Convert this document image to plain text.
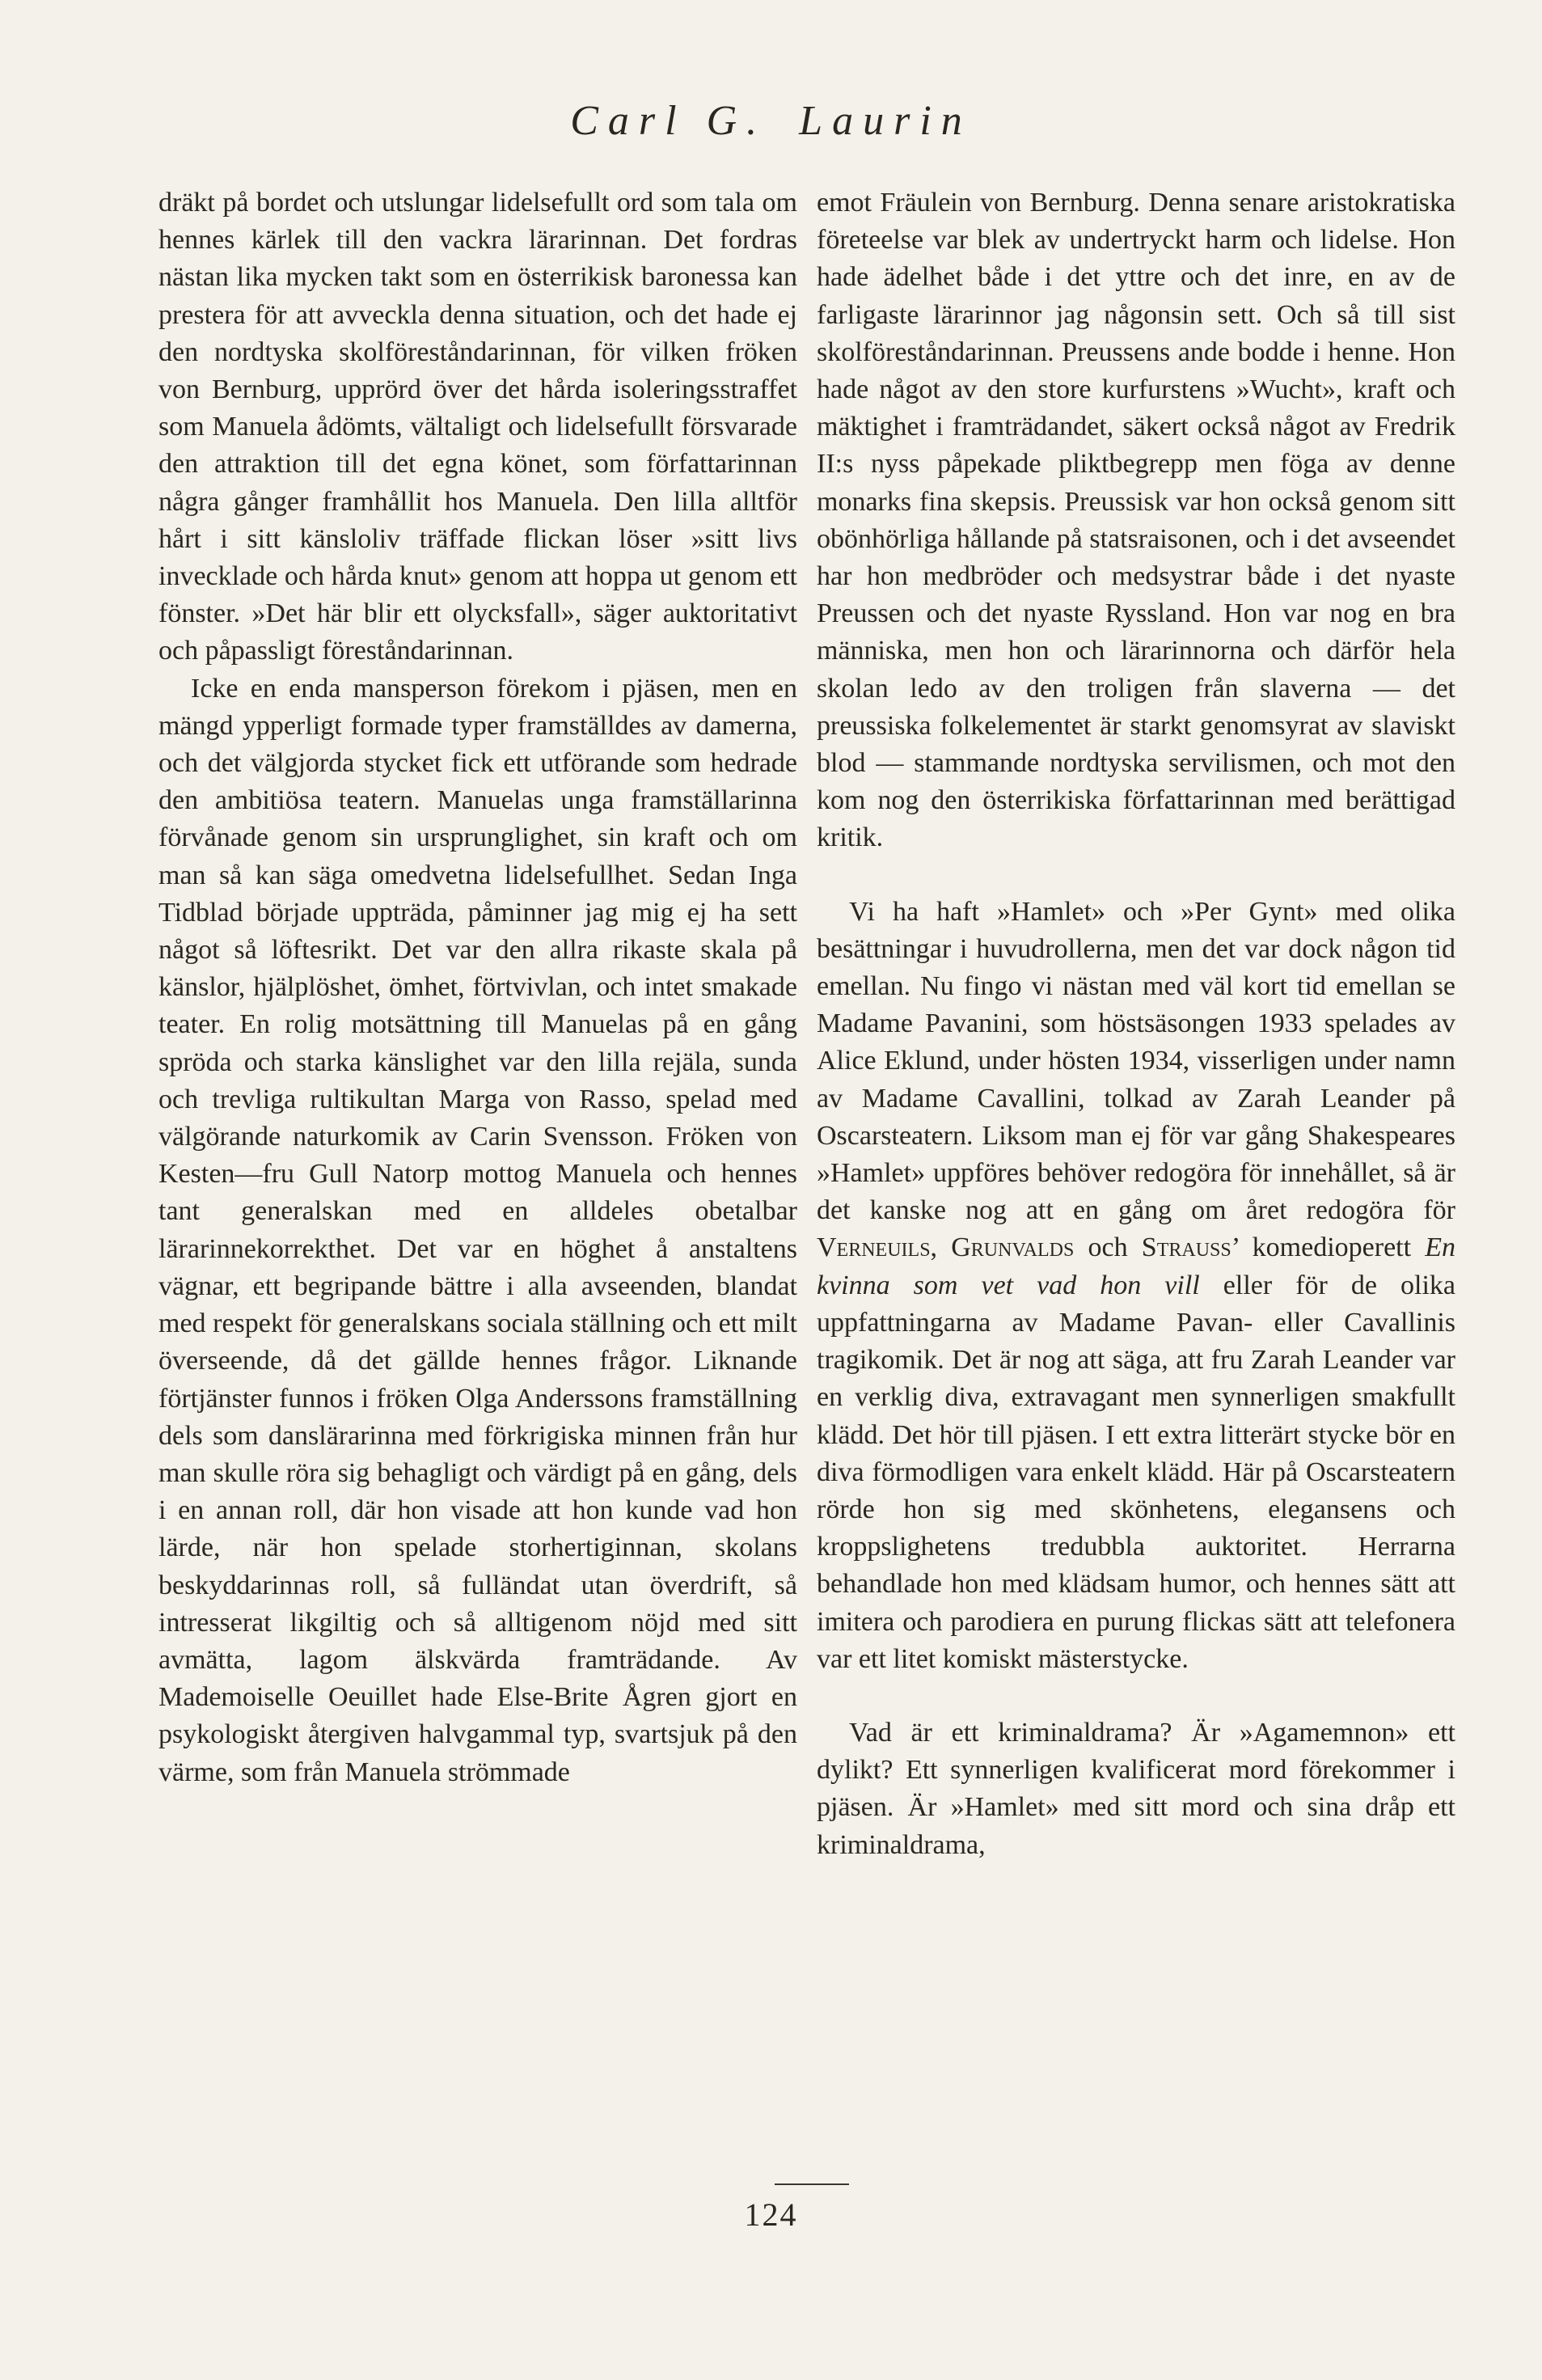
Carl G. Laurin

dräkt på bordet och utslungar lidelsefullt ord som tala om hennes kärlek till den vackra lärarinnan. Det fordras nästan lika mycken takt som en österrikisk baronessa kan prestera för att avveckla denna situation, och det hade ej den nordtyska skolföreståndarinnan, för vilken fröken von Bernburg, upprörd över det hårda isoleringsstraffet som Manuela ådömts, vältaligt och lidelsefullt försvarade den attraktion till det egna könet, som författarinnan några gånger framhållit hos Manuela. Den lilla alltför hårt i sitt känsloliv träffade flickan löser »sitt livs invecklade och hårda knut» genom att hoppa ut genom ett fönster. »Det här blir ett olycksfall», säger auktoritativt och påpassligt föreståndarinnan.

Icke en enda mansperson förekom i pjäsen, men en mängd ypperligt formade typer framställdes av damerna, och det välgjorda stycket fick ett utförande som hedrade den ambitiösa teatern. Manuelas unga framställarinna förvånade genom sin ursprunglighet, sin kraft och om man så kan säga omedvetna lidelsefullhet. Sedan Inga Tidblad började uppträda, påminner jag mig ej ha sett något så löftesrikt. Det var den allra rikaste skala på känslor, hjälplöshet, ömhet, förtvivlan, och intet smakade teater. En rolig motsättning till Manuelas på en gång spröda och starka känslighet var den lilla rejäla, sunda och trevliga rultikultan Marga von Rasso, spelad med välgörande naturkomik av Carin Svensson. Fröken von Kesten—fru Gull Natorp mottog Manuela och hennes tant generalskan med en alldeles obetalbar lärarinnekorrekthet. Det var en höghet å anstaltens vägnar, ett begripande bättre i alla avseenden, blandat med respekt för generalskans sociala ställning och ett milt överseende, då det gällde hennes frågor. Liknande förtjänster funnos i fröken Olga Anderssons framställning dels som danslärarinna med förkrigiska minnen från hur man skulle röra sig behagligt och värdigt på en gång, dels i en annan roll, där hon visade att hon kunde vad hon lärde, när hon spelade storhertiginnan, skolans beskyddarinnas roll, så fulländat utan överdrift, så intresserat likgiltig och så alltigenom nöjd med sitt avmätta, lagom älskvärda framträdande. Av Mademoiselle Oeuillet hade Else-Brite Ågren gjort en psykologiskt återgiven halvgammal typ, svartsjuk på den värme, som från Manuela strömmade

emot Fräulein von Bernburg. Denna senare aristokratiska företeelse var blek av undertryckt harm och lidelse. Hon hade ädelhet både i det yttre och det inre, en av de farligaste lärarinnor jag någonsin sett. Och så till sist skolföreståndarinnan. Preussens ande bodde i henne. Hon hade något av den store kurfurstens »Wucht», kraft och mäktighet i framträdandet, säkert också något av Fredrik II:s nyss påpekade pliktbegrepp men föga av denne monarks fina skepsis. Preussisk var hon också genom sitt obönhörliga hållande på statsraisonen, och i det avseendet har hon medbröder och medsystrar både i det nyaste Preussen och det nyaste Ryssland. Hon var nog en bra människa, men hon och lärarinnorna och därför hela skolan ledo av den troligen från slaverna — det preussiska folkelementet är starkt genomsyrat av slaviskt blod — stammande nordtyska servilismen, och mot den kom nog den österrikiska författarinnan med berättigad kritik.

Vi ha haft »Hamlet» och »Per Gynt» med olika besättningar i huvudrollerna, men det var dock någon tid emellan. Nu fingo vi nästan med väl kort tid emellan se Madame Pavanini, som höstsäsongen 1933 spelades av Alice Eklund, under hösten 1934, visserligen under namn av Madame Cavallini, tolkad av Zarah Leander på Oscarsteatern. Liksom man ej för var gång Shakespeares »Hamlet» uppföres behöver redogöra för innehållet, så är det kanske nog att en gång om året redogöra för Verneuils, Grunvalds och Strauss’ komedioperett En kvinna som vet vad hon vill eller för de olika uppfattningarna av Madame Pavan- eller Cavallinis tragikomik. Det är nog att säga, att fru Zarah Leander var en verklig diva, extravagant men synnerligen smakfullt klädd. Det hör till pjäsen. I ett extra litterärt stycke bör en diva förmodligen vara enkelt klädd. Här på Oscarsteatern rörde hon sig med skönhetens, elegansens och kroppslighetens tredubbla auktoritet. Herrarna behandlade hon med klädsam humor, och hennes sätt att imitera och parodiera en purung flickas sätt att telefonera var ett litet komiskt mästerstycke.

Vad är ett kriminaldrama? Är »Agamemnon» ett dylikt? Ett synnerligen kvalificerat mord förekommer i pjäsen. Är »Hamlet» med sitt mord och sina dråp ett kriminaldrama,

124
